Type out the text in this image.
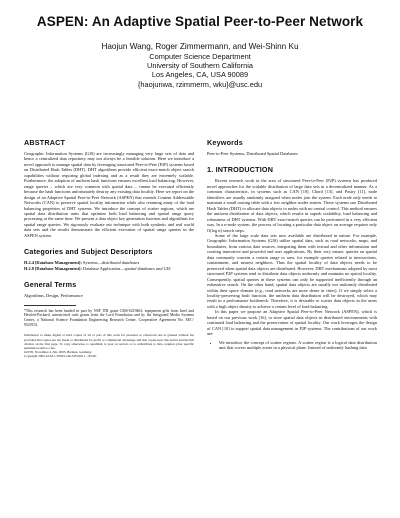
ASPEN: An Adaptive Spatial Peer-to-Peer Network
Haojun Wang, Roger Zimmermann, and Wei-Shinn Ku
Computer Science Department
University of Southern California
Los Angeles, CA, USA 90089
{haojunwa, rzimmerm, wku}@usc.edu
ABSTRACT

Geographic Information Systems (GIS) are increasingly managing very large sets of data and hence a centralized data repository may not always be a feasible solution. Here we introduce a novel approach to manage spatial data by leveraging structured Peer-to-Peer (P2P) systems based on Distributed Hash Tables (DHT). DHT algorithms provide efficient exact-match object search capabilities without requiring global indexing and as a result they are extremely scalable. Furthermore, the adoption of uniform hash functions ensures excellent load balancing. However, range queries – which are very common with spatial data – cannot be executed efficiently because the hash functions unfortunately destroy any existing data locality. Here we report on the design of an Adaptive Spatial Peer-to-Peer Network (ASPEN) that extends Content Addressable Networks (CAN) to preserve spatial locality information while also retaining many of the load balancing properties of DHT systems. We introduce the concept of scatter regions, which are spatial data distribution units that optimize both load balancing and spatial range query processing at the same time. We present a data object key generation function and algorithms for spatial range queries. We rigorously evaluate our technique with both synthetic and real world data sets and the results demonstrate the efficient execution of spatial range queries in the ASPEN system.

Categories and Subject Descriptors

H.2.4 [Database Management]: Systems—distributed databases

H.2.8 [Database Management]: Database Application—spatial databases and GIS

General Terms

Algorithms, Design, Performance

*This research has been funded in part by NSF ITR grant CMS-0219463, equipment gifts from Intel and Hewlett-Packard, unrestricted cash grants from the Lord Foundation and by the Integrated Media Systems Center, a National Science Foundation Engineering Research Center, Cooperative Agreement No. EEC-9529152.

Permission to make digital or hard copies of all or part of this work for personal or classroom use is granted without fee provided that copies are not made or distributed for profit or commercial advantage and that copies bear this notice and the full citation on the first page. To copy otherwise, to republish, to post on servers or to redistribute to lists, requires prior specific permission and/or a fee.

GIS'05, November 4–5th, 2005, Bremen, Germany.

Copyright 2005 ACM 1-59593-146-5/05/0011 ...$5.00.

Keywords

Peer-to-Peer Systems, Distributed Spatial Databases

1. INTRODUCTION

Recent research work in the area of structured Peer-to-Peer (P2P) systems has produced novel approaches for the scalable distribution of large data sets in a decentralized manner. As a common characteristic, in systems such as CAN [10], Chord [13], and Pastry [11], node identifiers are usually randomly assigned when nodes join the system. Each node only needs to maintain a small routing table with a few neighbor nodes entries. These systems use Distributed Hash Tables (DHT) to allocate data objects to nodes with no central control. This method ensures the uniform distribution of data objects, which results in superb scalability, load balancing and robustness of DHT systems. With DHT exact-match queries can be performed in a very efficient way. In a n-node system, the process of locating a particular data object on average requires only O(log n) search steps.

Some of the large scale data sets now available are distributed in nature. For example, Geographic Information Systems (GIS) utilize spatial data, such as road networks, maps, and boundaries, from various data sources, integrating them with textual and other information and creating innovative and powerful end user applications. By their very nature, queries on spatial data commonly concern a certain range or area, for example queries related to intersections, containment, and nearest neighbors. Thus the spatial locality of data objects needs to be preserved when spatial data objects are distributed. However, DHT mechanisms adopted by most structured P2P systems tend to distribute data objects uniformly and maintain no spatial locality. Consequently, spatial queries in these systems can only be supported inefficiently through an exhaustive search. On the other hand, spatial data objects are usually not uniformly distributed within their space domain (e.g., road networks are more dense in cities). If we simply select a locality-preserving hash function, the uniform data distribution will be destroyed, which may result in a performance bottleneck. Therefore, it is desirable to scatter data objects in the areas with a high object density to achieve a certain level of load balancing.

In this paper we propose an Adaptive Spatial Peer-to-Peer Network (ASPEN), which is based on our previous work [16], to store spatial data objects in distributed environments with continued load balancing and the preservation of spatial locality. Our work leverages the design of CAN [10] to support spatial data management in P2P systems. The contributions of our work are:

• We introduce the concept of scatter regions. A scatter region is a logical data distribution unit that covers multiple zones in a physical plane. Instead of uniformly hashing data
